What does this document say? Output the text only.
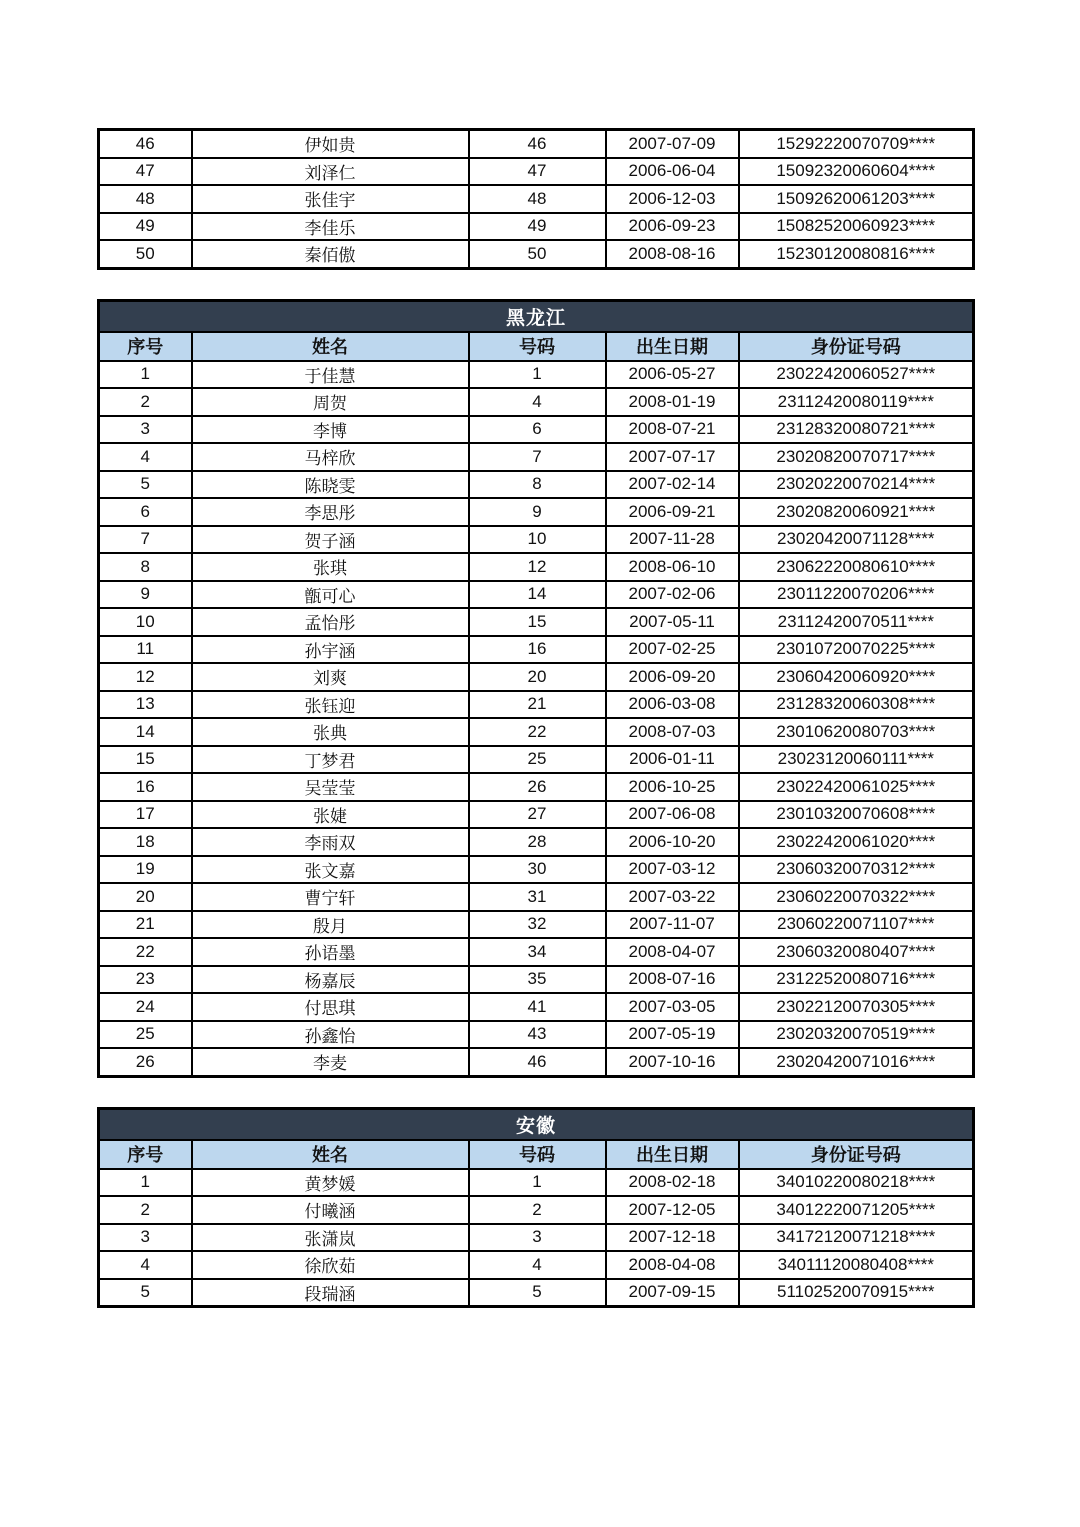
46	伊如贵	46	2007-07-09	15292220070709****
47	刘泽仁	47	2006-06-04	15092320060604****
48	张佳宇	48	2006-12-03	15092620061203****
49	李佳乐	49	2006-09-23	15082520060923****
50	秦佰傲	50	2008-08-16	15230120080816****
黑龙江				
序号	姓名	号码	出生日期	身份证号码
1	于佳慧	1	2006-05-27	23022420060527****
2	周贺	4	2008-01-19	23112420080119****
3	李博	6	2008-07-21	23128320080721****
4	马梓欣	7	2007-07-17	23020820070717****
5	陈晓雯	8	2007-02-14	23020220070214****
6	李思彤	9	2006-09-21	23020820060921****
7	贺子涵	10	2007-11-28	23020420071128****
8	张琪	12	2008-06-10	23062220080610****
9	甑可心	14	2007-02-06	23011220070206****
10	孟怡彤	15	2007-05-11	23112420070511****
11	孙宇涵	16	2007-02-25	23010720070225****
12	刘爽	20	2006-09-20	23060420060920****
13	张钰迎	21	2006-03-08	23128320060308****
14	张典	22	2008-07-03	23010620080703****
15	丁梦君	25	2006-01-11	23023120060111****
16	吴莹莹	26	2006-10-25	23022420061025****
17	张婕	27	2007-06-08	23010320070608****
18	李雨双	28	2006-10-20	23022420061020****
19	张文嘉	30	2007-03-12	23060320070312****
20	曹宁轩	31	2007-03-22	23060220070322****
21	殷月	32	2007-11-07	23060220071107****
22	孙语墨	34	2008-04-07	23060320080407****
23	杨嘉辰	35	2008-07-16	23122520080716****
24	付思琪	41	2007-03-05	23022120070305****
25	孙鑫怡	43	2007-05-19	23020320070519****
26	李麦	46	2007-10-16	23020420071016****
安徽				
序号	姓名	号码	出生日期	身份证号码
1	黄梦媛	1	2008-02-18	34010220080218****
2	付曦涵	2	2007-12-05	34012220071205****
3	张潇岚	3	2007-12-18	34172120071218****
4	徐欣茹	4	2008-04-08	34011120080408****
5	段瑞涵	5	2007-09-15	51102520070915****
